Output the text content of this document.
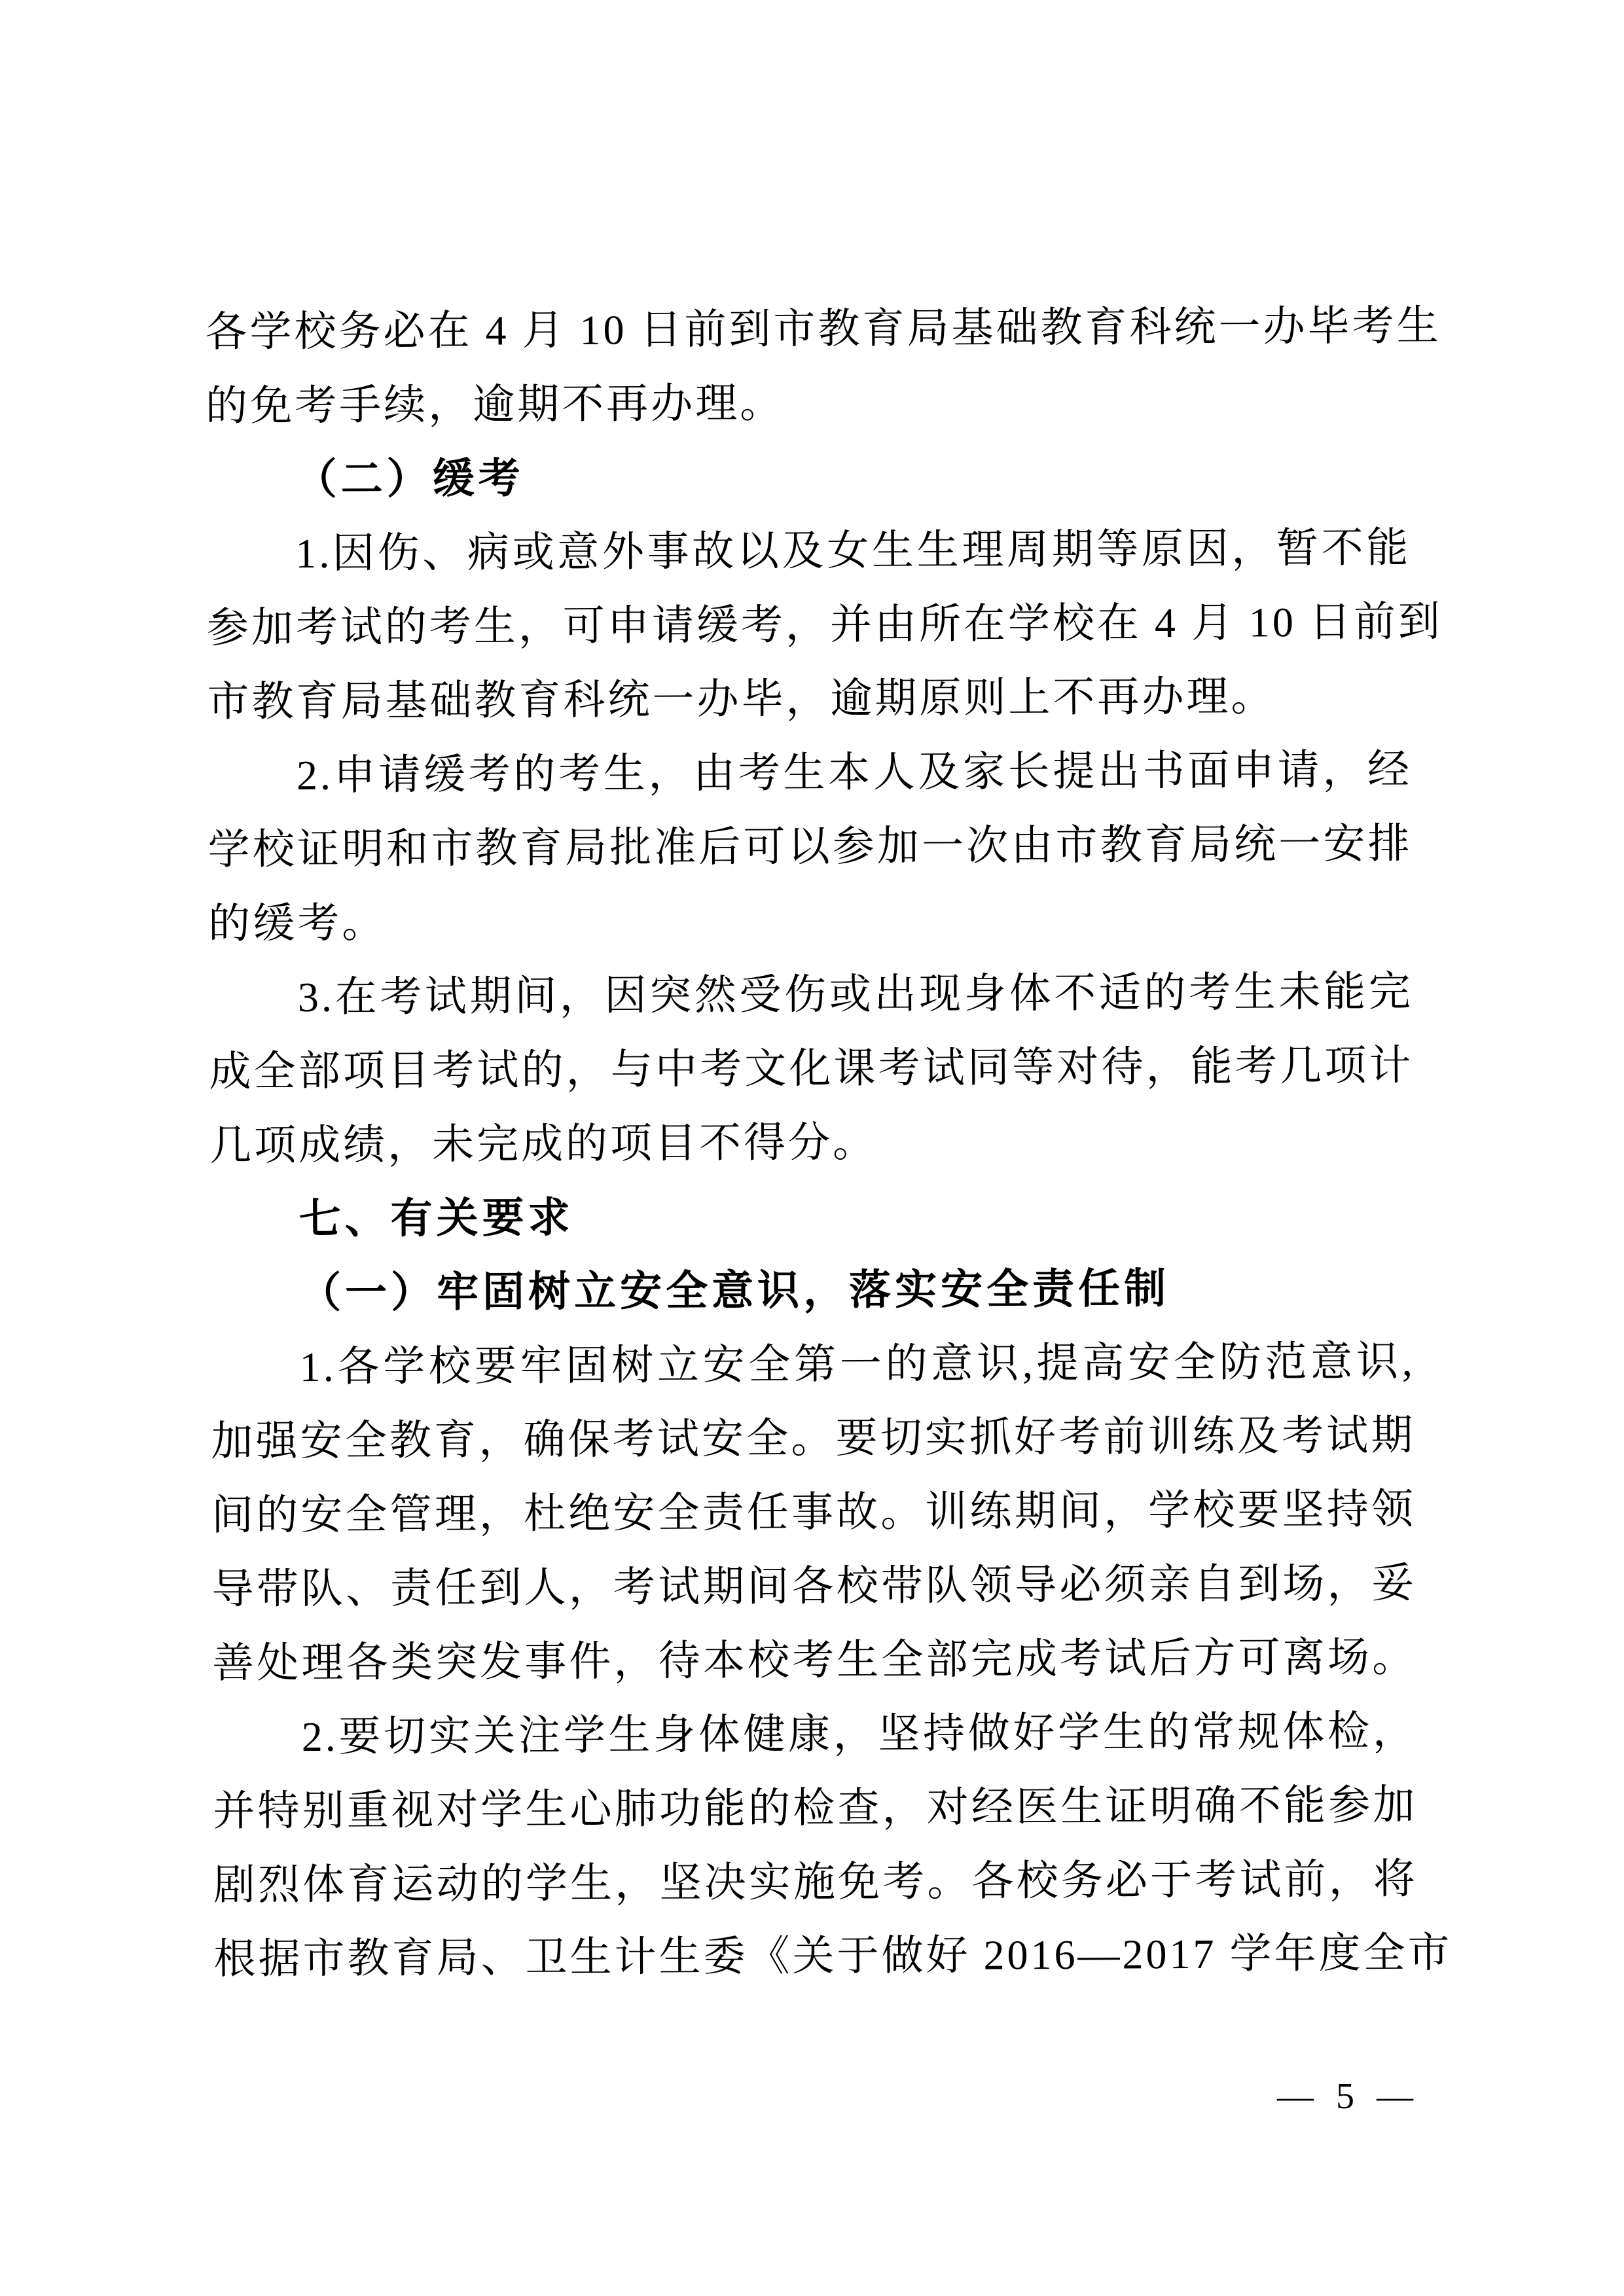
各学校务必在 4 月 10 日前到市教育局基础教育科统一办毕考生
的免考手续，逾期不再办理。
（二）缓考
1.因伤、病或意外事故以及女生生理周期等原因，暂不能
参加考试的考生，可申请缓考，并由所在学校在 4 月 10 日前到
市教育局基础教育科统一办毕，逾期原则上不再办理。
2.申请缓考的考生，由考生本人及家长提出书面申请，经
学校证明和市教育局批准后可以参加一次由市教育局统一安排
的缓考。
3.在考试期间，因突然受伤或出现身体不适的考生未能完
成全部项目考试的，与中考文化课考试同等对待，能考几项计
几项成绩，未完成的项目不得分。
七、有关要求
（一）牢固树立安全意识，落实安全责任制
1.各学校要牢固树立安全第一的意识,提高安全防范意识,
加强安全教育，确保考试安全。要切实抓好考前训练及考试期
间的安全管理，杜绝安全责任事故。训练期间，学校要坚持领
导带队、责任到人，考试期间各校带队领导必须亲自到场，妥
善处理各类突发事件，待本校考生全部完成考试后方可离场。
2.要切实关注学生身体健康，坚持做好学生的常规体检，
并特别重视对学生心肺功能的检查，对经医生证明确不能参加
剧烈体育运动的学生，坚决实施免考。各校务必于考试前，将
根据市教育局、卫生计生委《关于做好 2016—2017 学年度全市
— 5 —
